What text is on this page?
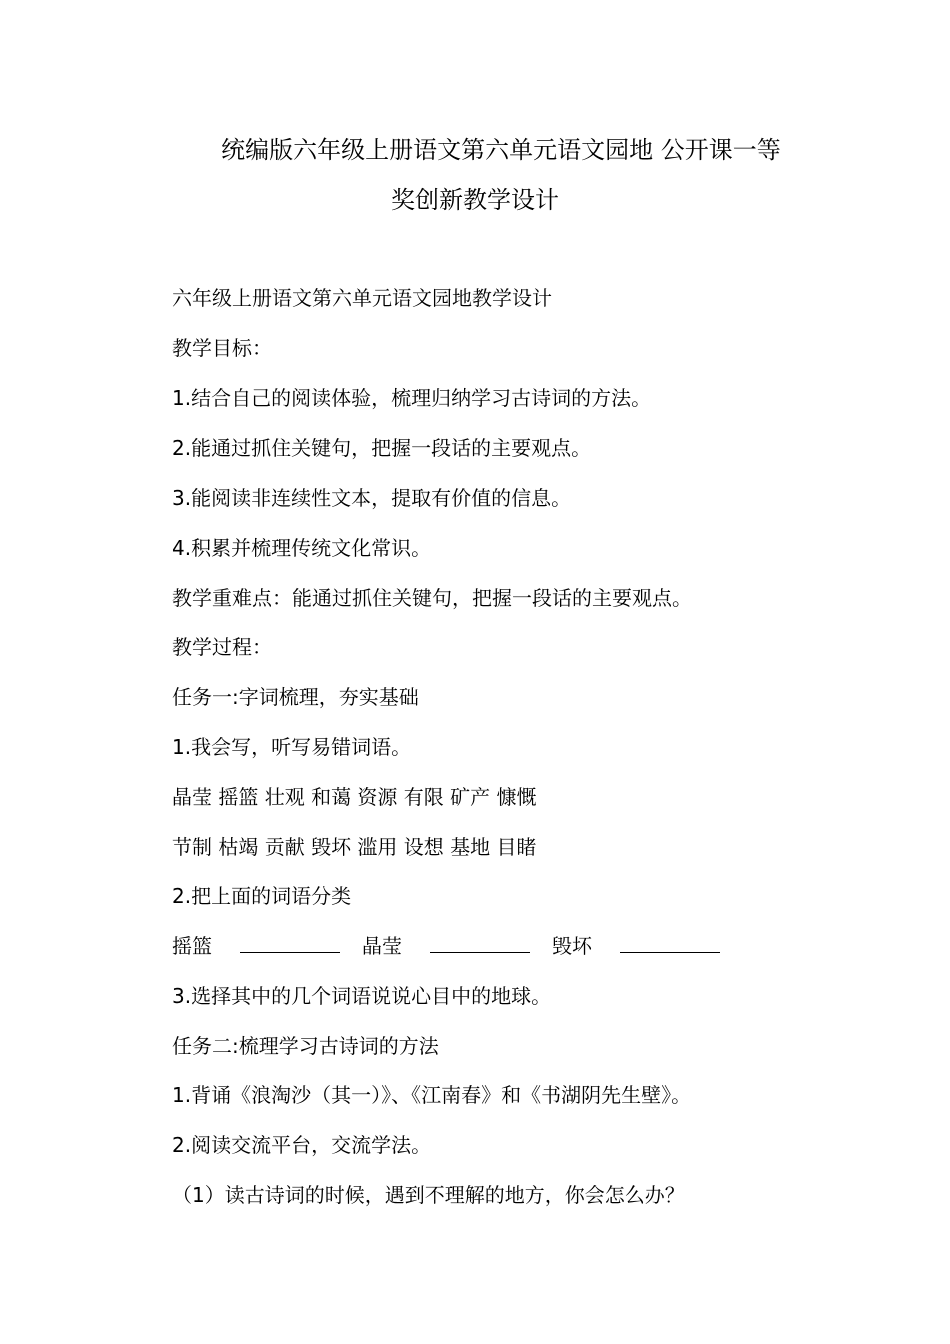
统编版六年级上册语文第六单元语文园地 公开课一等
奖创新教学设计
六年级上册语文第六单元语文园地教学设计
教学目标：
1.结合自己的阅读体验，梳理归纳学习古诗词的方法。
2.能通过抓住关键句，把握一段话的主要观点。
3.能阅读非连续性文本，提取有价值的信息。
4.积累并梳理传统文化常识。
教学重难点：能通过抓住关键句，把握一段话的主要观点。
教学过程：
任务一:字词梳理，夯实基础
1.我会写，听写易错词语。
晶莹 摇篮 壮观 和蔼 资源 有限 矿产 慷慨
节制 枯竭 贡献 毁坏 滥用 设想 基地 目睹
2.把上面的词语分类
摇篮	晶莹	毁坏
3.选择其中的几个词语说说心目中的地球。
任务二:梳理学习古诗词的方法
1.背诵《浪淘沙（其一）》、《江南春》和《书湖阴先生壁》。
2.阅读交流平台，交流学法。
（1）读古诗词的时候，遇到不理解的地方，你会怎么办？
